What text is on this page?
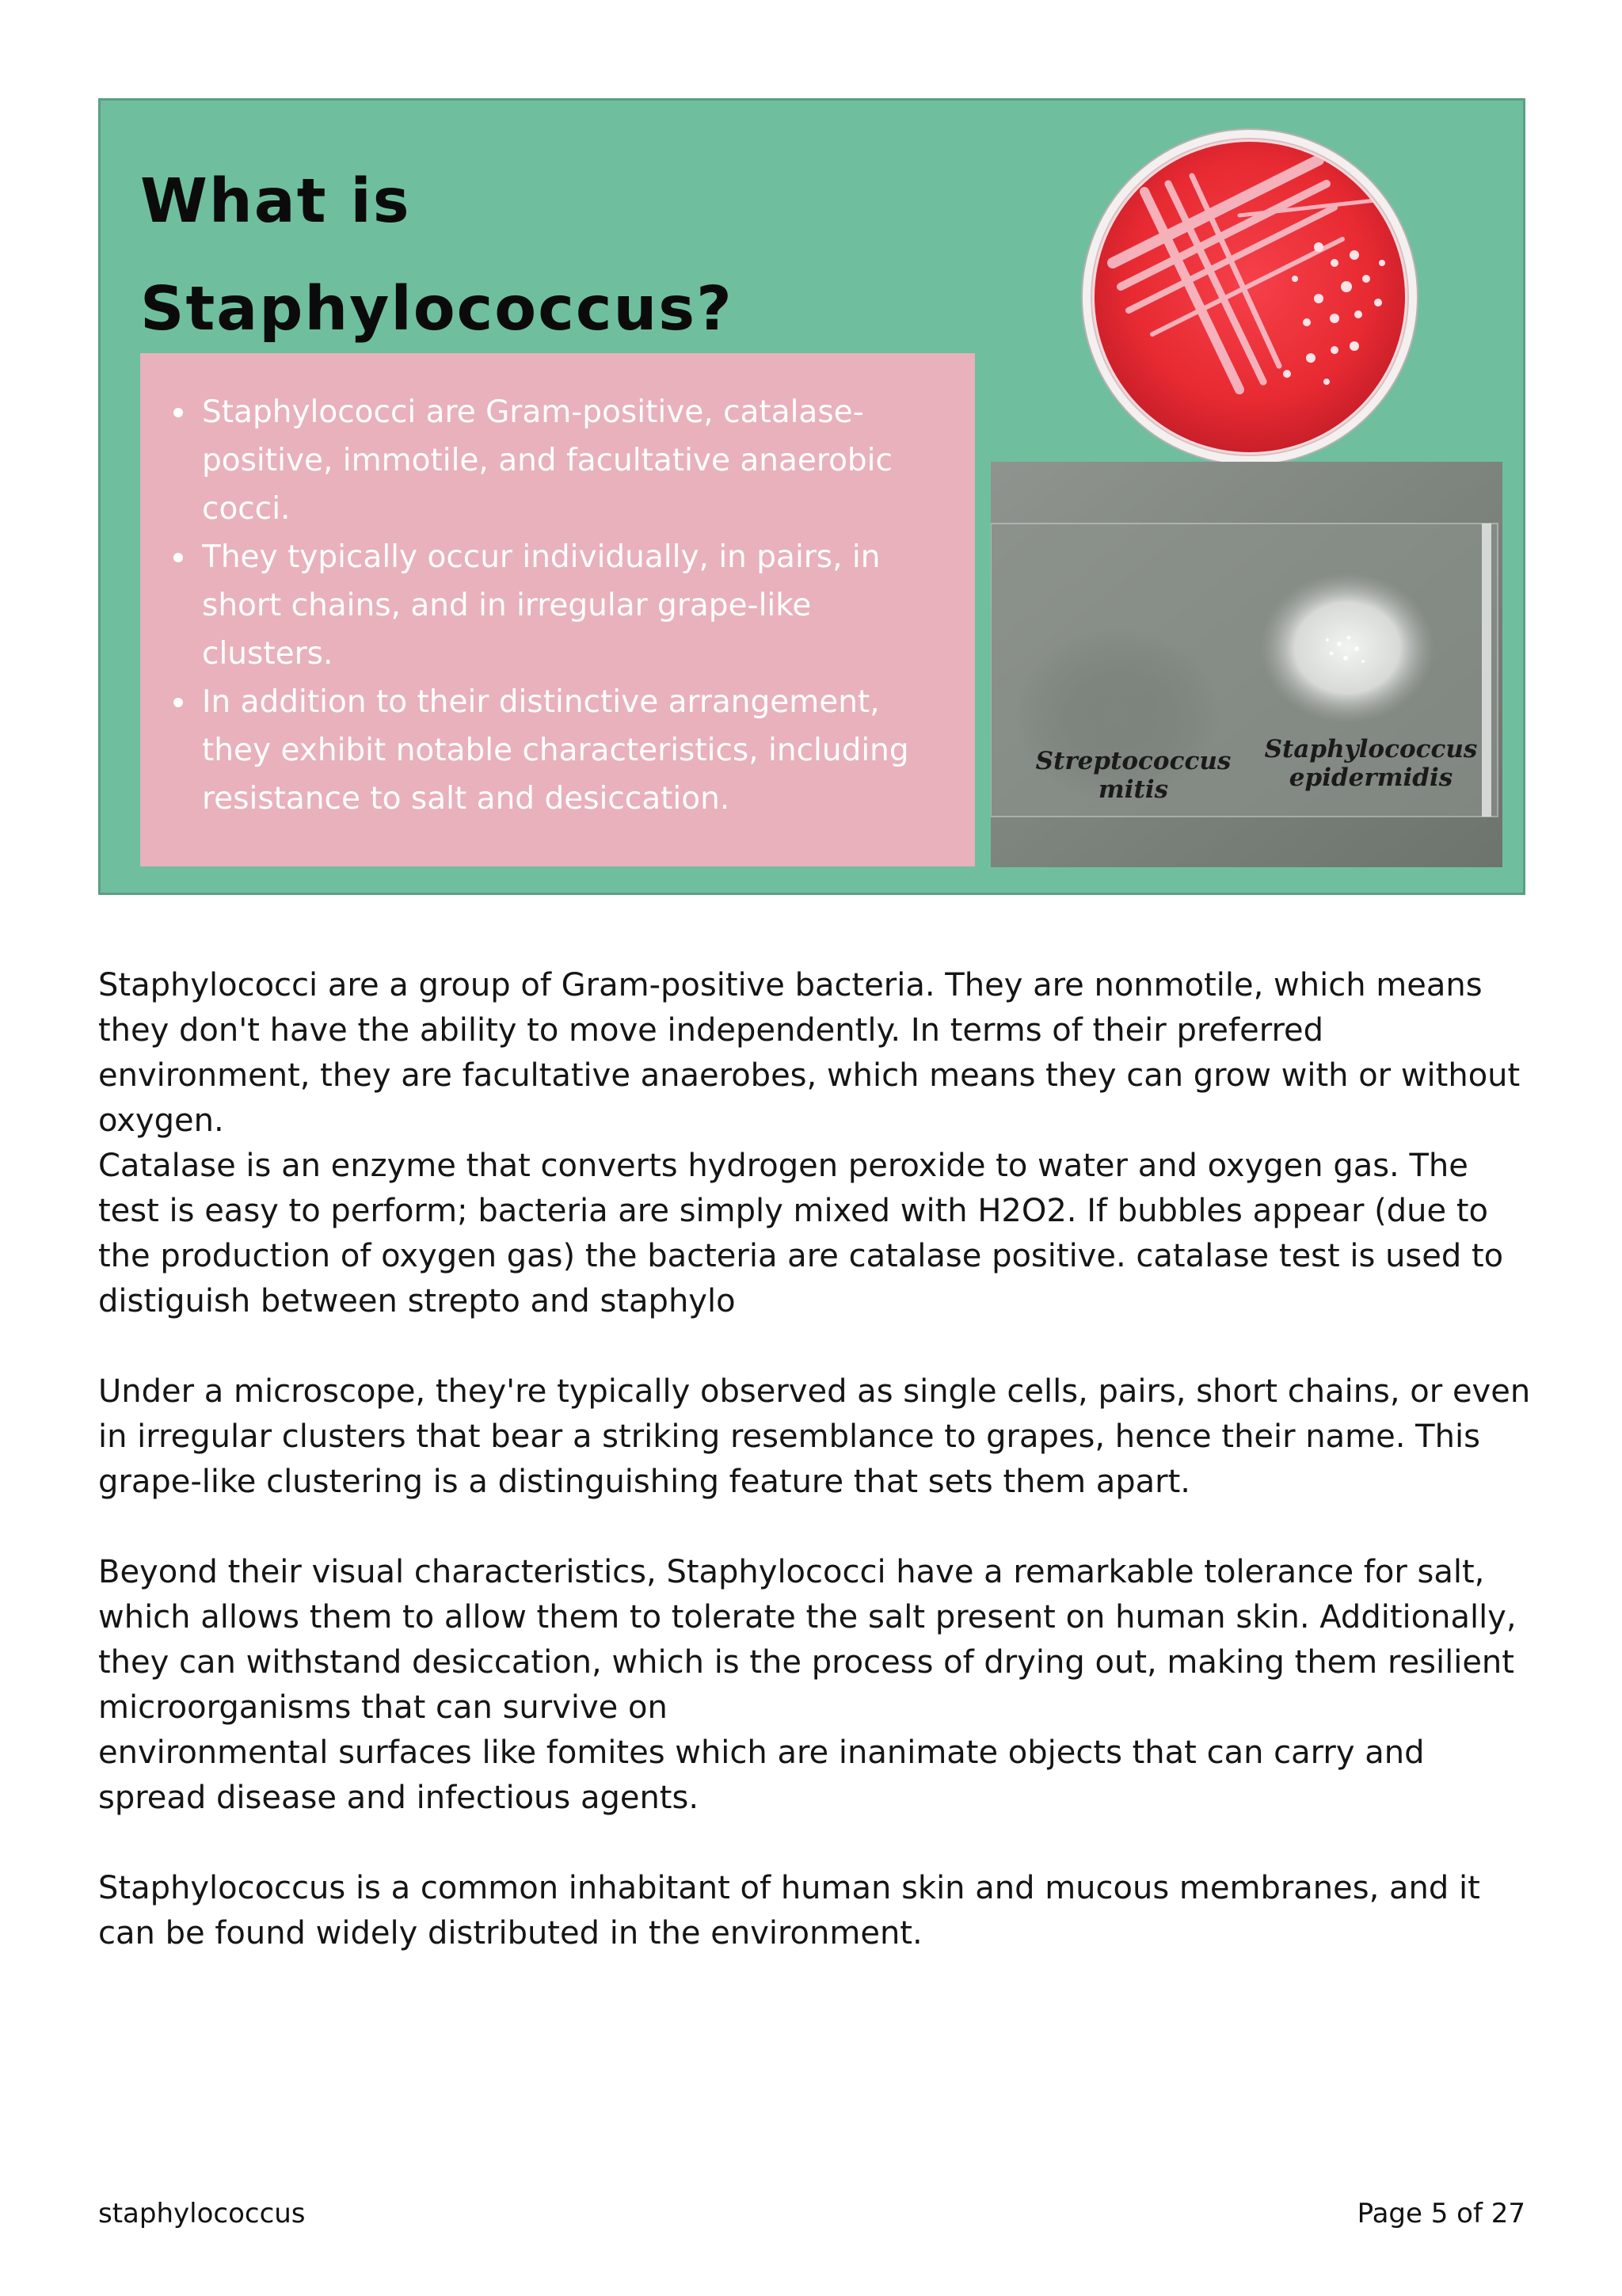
What is
Staphylococcus?
Staphylococci are Gram-positive, catalase-positive, immotile, and facultative anaerobic cocci.
They typically occur individually, in pairs, in short chains, and in irregular grape-like clusters.
In addition to their distinctive arrangement, they exhibit notable characteristics, including resistance to salt and desiccation.
Streptococcus
mitis
Staphylococcus
epidermidis

Staphylococci are a group of Gram-positive bacteria. They are nonmotile, which means they don't have the ability to move independently. In terms of their preferred environment, they are facultative anaerobes, which means they can grow with or without oxygen.

Catalase is an enzyme that converts hydrogen peroxide to water and oxygen gas. The test is easy to perform; bacteria are simply mixed with H2O2. If bubbles appear (due to the production of oxygen gas) the bacteria are catalase positive. catalase test is used to distiguish between strepto and staphylo

Under a microscope, they're typically observed as single cells, pairs, short chains, or even in irregular clusters that bear a striking resemblance to grapes, hence their name. This grape-like clustering is a distinguishing feature that sets them apart.

Beyond their visual characteristics, Staphylococci have a remarkable tolerance for salt, which allows them to allow them to tolerate the salt present on human skin. Additionally, they can withstand desiccation, which is the process of drying out, making them resilient microorganisms that can survive on

environmental surfaces like fomites which are inanimate objects that can carry and spread disease and infectious agents.

Staphylococcus is a common inhabitant of human skin and mucous membranes, and it can be found widely distributed in the environment.

staphylococcus	Page 5 of 27
